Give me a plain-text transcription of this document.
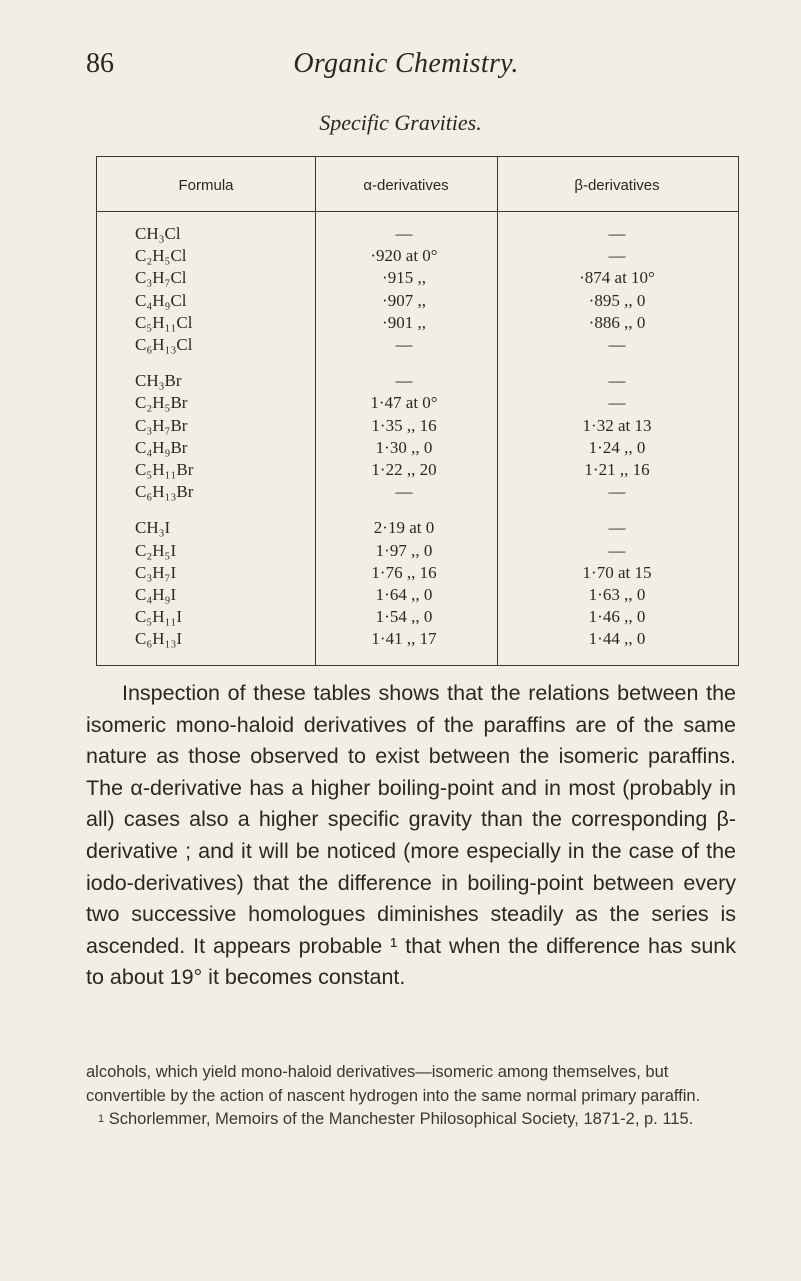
86	Organic Chemistry.
Specific Gravities.
Formula	α-derivatives	β-derivatives
CH₃Cl	—	—
C₂H₅Cl	·920 at 0°	—
C₃H₇Cl	·915 ,,	·874 at 10°
C₄H₉Cl	·907 ,,	·895 ,, 0
C₅H₁₁Cl	·901 ,,	·886 ,, 0
C₆H₁₃Cl	—	—
CH₃Br	—	—
C₂H₅Br	1·47 at 0°	—
C₃H₇Br	1·35 ,, 16	1·32 at 13
C₄H₉Br	1·30 ,, 0	1·24 ,, 0
C₅H₁₁Br	1·22 ,, 20	1·21 ,, 16
C₆H₁₃Br	—	—
CH₃I	2·19 at 0	—
C₂H₅I	1·97 ,, 0	—
C₃H₇I	1·76 ,, 16	1·70 at 15
C₄H₉I	1·64 ,, 0	1·63 ,, 0
C₅H₁₁I	1·54 ,, 0	1·46 ,, 0
C₆H₁₃I	1·41 ,, 17	1·44 ,, 0

Inspection of these tables shows that the relations between the isomeric mono-haloid derivatives of the paraffins are of the same nature as those observed to exist between the isomeric paraffins. The α-derivative has a higher boiling-point and in most (probably in all) cases also a higher specific gravity than the corresponding β-derivative ; and it will be noticed (more especially in the case of the iodo-derivatives) that the difference in boiling-point between every two successive homologues diminishes steadily as the series is ascended. It appears probable ¹ that when the difference has sunk to about 19° it becomes constant.

alcohols, which yield mono-haloid derivatives—isomeric among themselves, but convertible by the action of nascent hydrogen into the same normal primary paraffin.

$^1$ Schorlemmer, Memoirs of the Manchester Philosophical Society, 1871-2, p. 115.
